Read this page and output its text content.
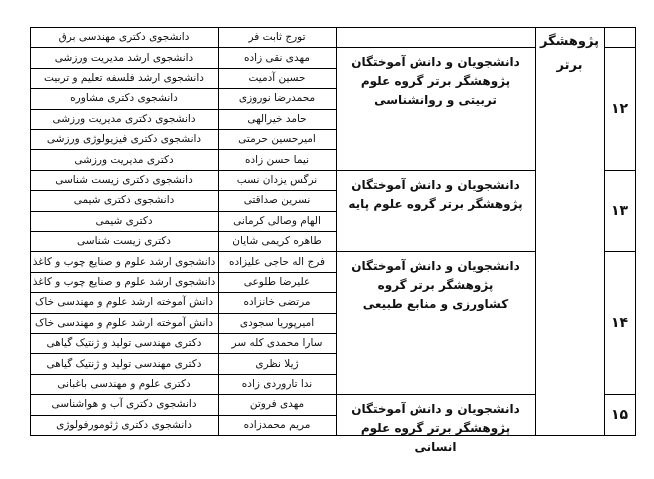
تورج ثابت فر
دانشجوی دکتری مهندسی برق
مهدی نقی زاده
دانشجوی ارشد مدیریت ورزشی
حسین آدمیت
دانشجوی ارشد فلسفه تعلیم و تربیت
محمدرضا نوروزی
دانشجوی دکتری مشاوره
حامد خیرالهی
دانشجوی دکتری مدیریت ورزشی
امیرحسین حرمتی
دانشجوی دکتری فیزیولوژی ورزشی
نیما حسن زاده
دکتری مدیریت ورزشی
دانشجویان و دانش آموختگان پژوهشگر برتر گروه علوم تربیتی و روانشناسی
۱۲
نرگس یزدان نسب
دانشجوی دکتری زیست شناسی
نسرین صداقتی
دانشجوی دکتری شیمی
الهام وصالی کرمانی
دکتری شیمی
طاهره کریمی شایان
دکتری زیست شناسی
دانشجویان و دانش آموختگان پژوهشگر برتر گروه علوم پایه	۱۳
فرج اله حاجی علیزاده
دانشجوی ارشد علوم و صنایع چوب و کاغذ
علیرضا طلوعی
دانشجوی ارشد علوم و صنایع چوب و کاغذ
مرتضی خانزاده
دانش آموخته ارشد علوم و مهندسی خاک
امیرپوریا سجودی
دانش آموخته ارشد علوم و مهندسی خاک
سارا محمدی کله سر
دکتری مهندسی تولید و ژنتیک گیاهی
ژیلا نظری
دکتری مهندسی تولید و ژنتیک گیاهی
ندا تاروردی زاده
دکتری علوم و مهندسی باغبانی
دانشجویان و دانش آموختگان پژوهشگر برتر گروه کشاورزی و منابع طبیعی
۱۴
مهدی فروتن
دانشجوی دکتری آب و هواشناسی
مریم محمدزاده
دانشجوی دکتری ژئومورفولوژی
دانشجویان و دانش آموختگان پژوهشگر برتر گروه علوم انسانی
۱۵
پژوهشگر برتر
